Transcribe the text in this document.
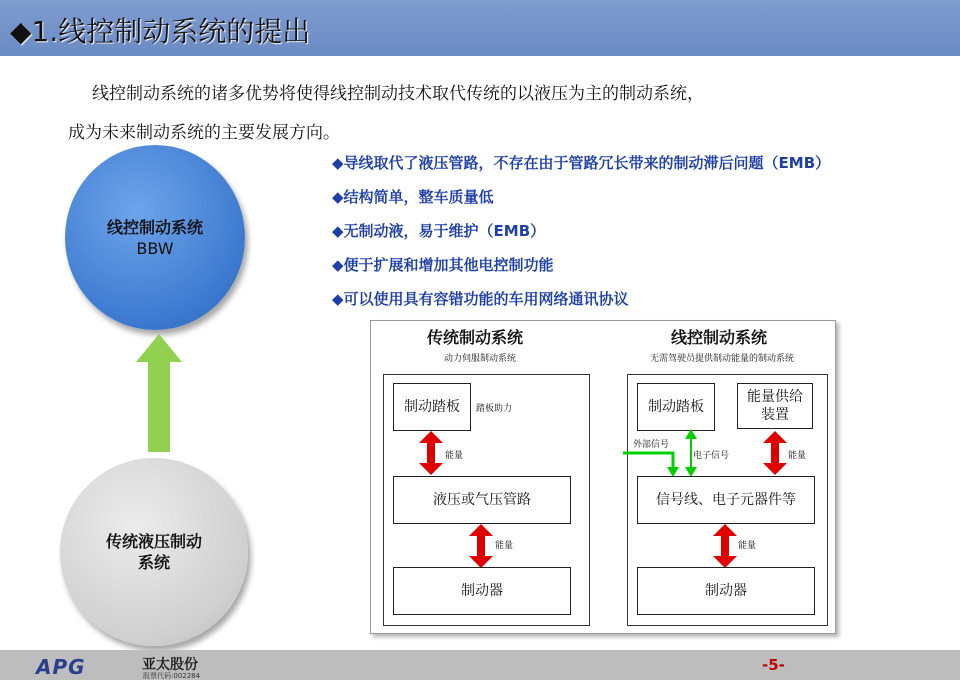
◆1.线控制动系统的提出
线控制动系统的诸多优势将使得线控制动技术取代传统的以液压为主的制动系统，
成为未来制动系统的主要发展方向。
◆导线取代了液压管路，不存在由于管路冗长带来的制动滞后问题（EMB）
◆结构简单，整车质量低
◆无制动液，易于维护（EMB）
◆便于扩展和增加其他电控制功能
◆可以使用具有容错功能的车用网络通讯协议
线控制动系统
BBW
传统液压制动
系统
传统制动系统
动力伺服制动系统
制动踏板	踏板助力
能量
液压或气压管路
能量
制动器
线控制动系统
无需驾驶员提供制动能量的制动系统
制动踏板
能量供给装置
外部信号
电子信号	能量
信号线、电子元器件等
能量
制动器
APG	亚太股份
股票代码:002284
-5-
